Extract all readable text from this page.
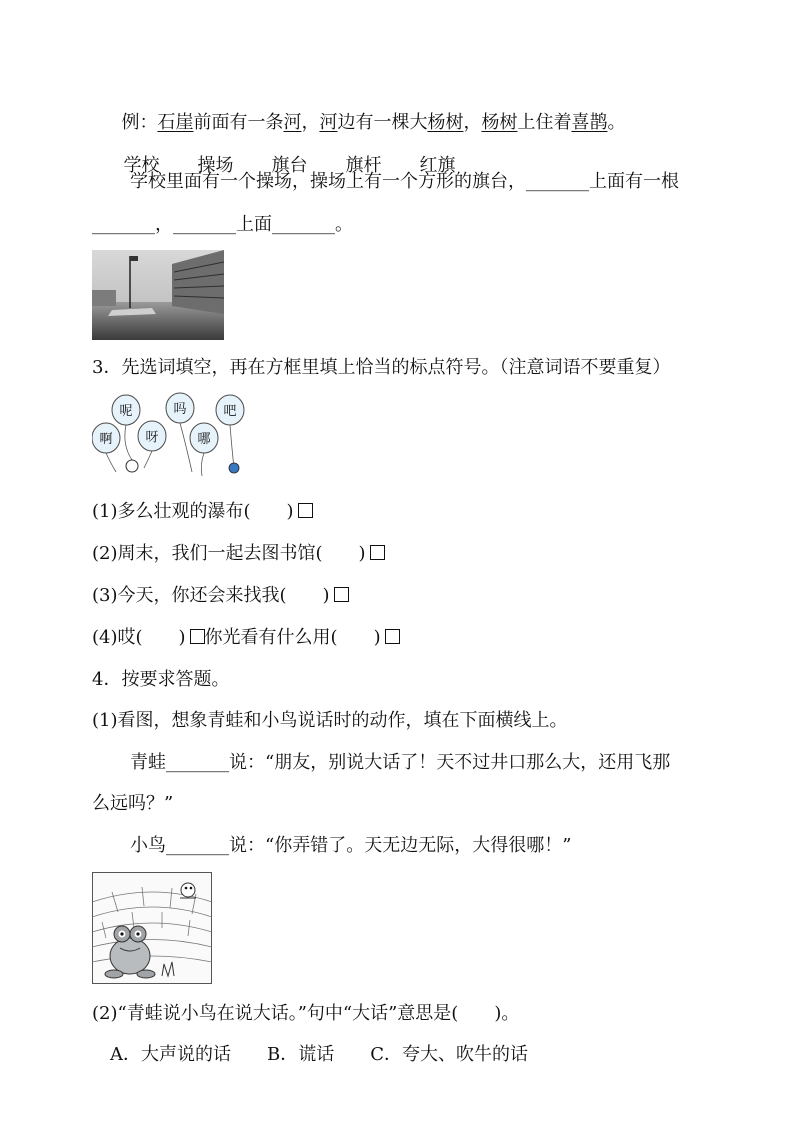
例：石崖前面有一条河，河边有一棵大杨树，杨树上住着喜鹊。

学校 操场 旗台 旗杆 红旗

学校里面有一个操场，操场上有一个方形的旗台，_______上面有一根
_______，_______上面_______。
3．先选词填空，再在方框里填上恰当的标点符号。（注意词语不要重复）
呢	吗	吧
啊	呀	哪
(1)多么壮观的瀑布(　　)
(2)周末，我们一起去图书馆(　　)
(3)今天，你还会来找我(　　)
(4)哎(　　) 你光看有什么用(　　)
4．按要求答题。
(1)看图，想象青蛙和小鸟说话时的动作，填在下面横线上。
青蛙_______说：“朋友，别说大话了！天不过井口那么大，还用飞那
么远吗？”
小鸟_______说：“你弄错了。天无边无际，大得很哪！”
(2)“青蛙说小鸟在说大话。”句中“大话”意思是(　　)。
A．大声说的话　　B．谎话　　C．夸大、吹牛的话
